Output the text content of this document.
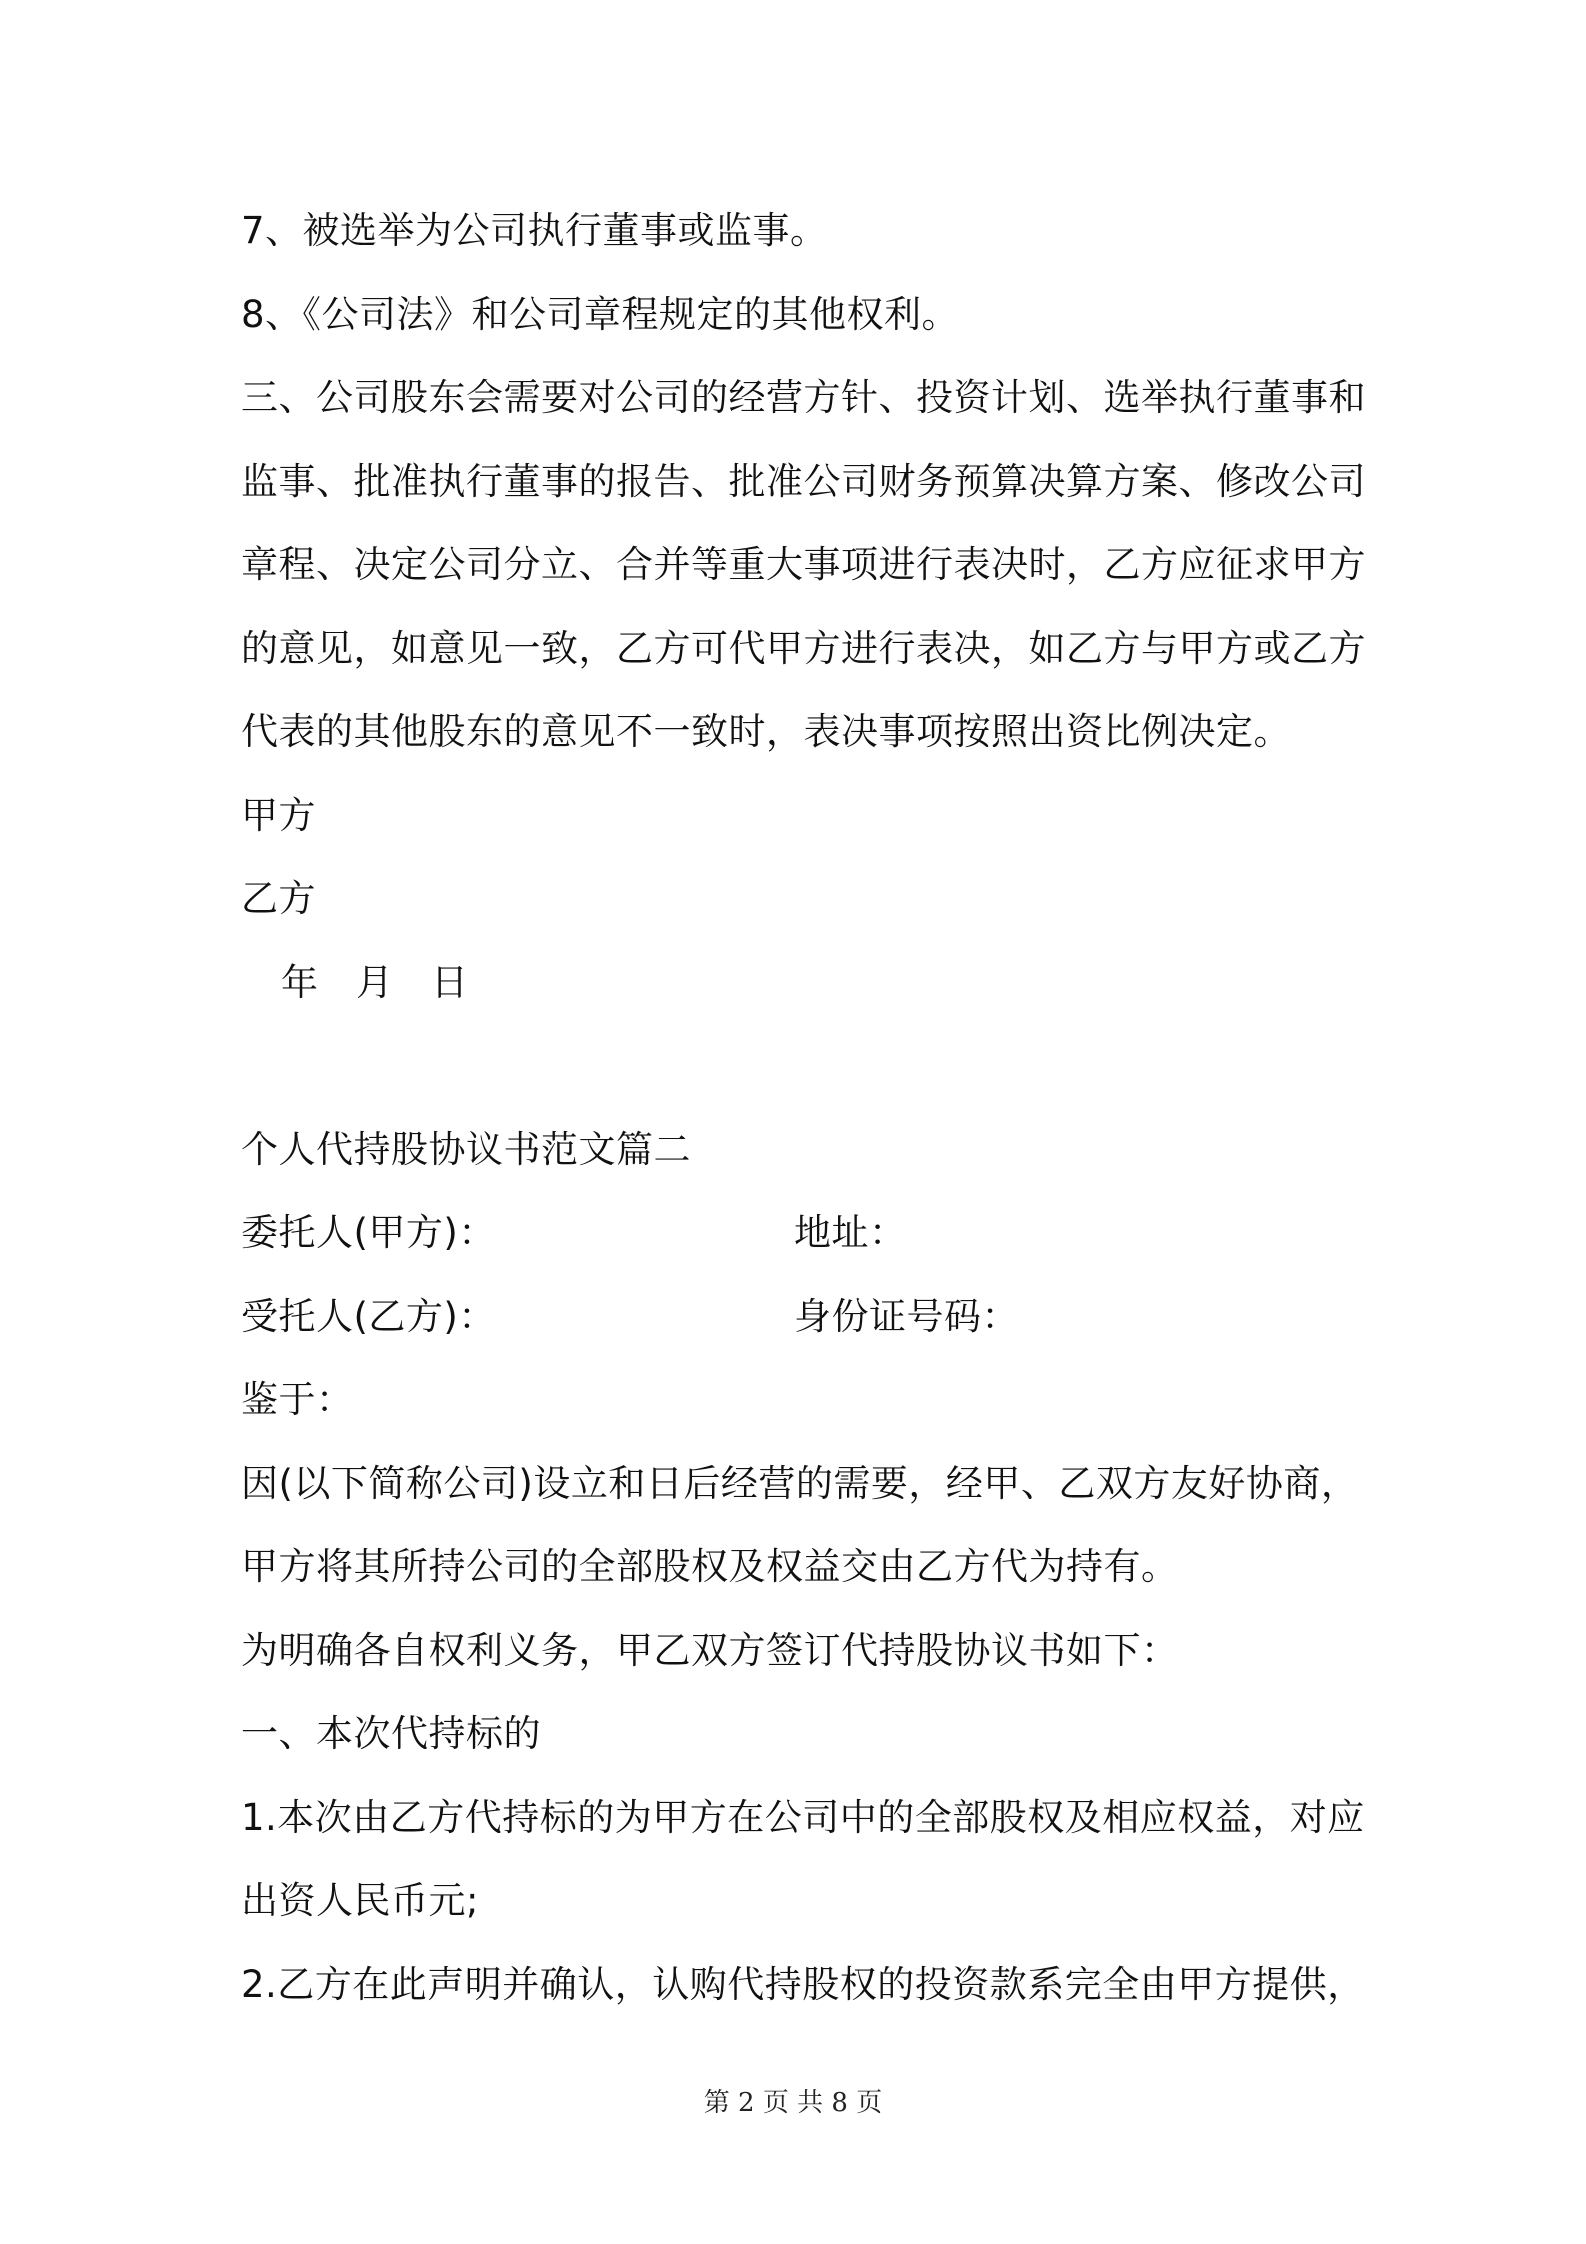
7、被选举为公司执行董事或监事。
8、《公司法》和公司章程规定的其他权利。
三、公司股东会需要对公司的经营方针、投资计划、选举执行董事和
监事、批准执行董事的报告、批准公司财务预算决算方案、修改公司
章程、决定公司分立、合并等重大事项进行表决时，乙方应征求甲方
的意见，如意见一致，乙方可代甲方进行表决，如乙方与甲方或乙方
代表的其他股东的意见不一致时，表决事项按照出资比例决定。
甲方
乙方
年　月　日
个人代持股协议书范文篇二
委托人(甲方)：	地址：
受托人(乙方)：	身份证号码：
鉴于：
因(以下简称公司)设立和日后经营的需要，经甲、乙双方友好协商，
甲方将其所持公司的全部股权及权益交由乙方代为持有。
为明确各自权利义务，甲乙双方签订代持股协议书如下：
一、本次代持标的
1.本次由乙方代持标的为甲方在公司中的全部股权及相应权益，对应
出资人民币元;
2.乙方在此声明并确认，认购代持股权的投资款系完全由甲方提供，
第 2 页 共 8 页
